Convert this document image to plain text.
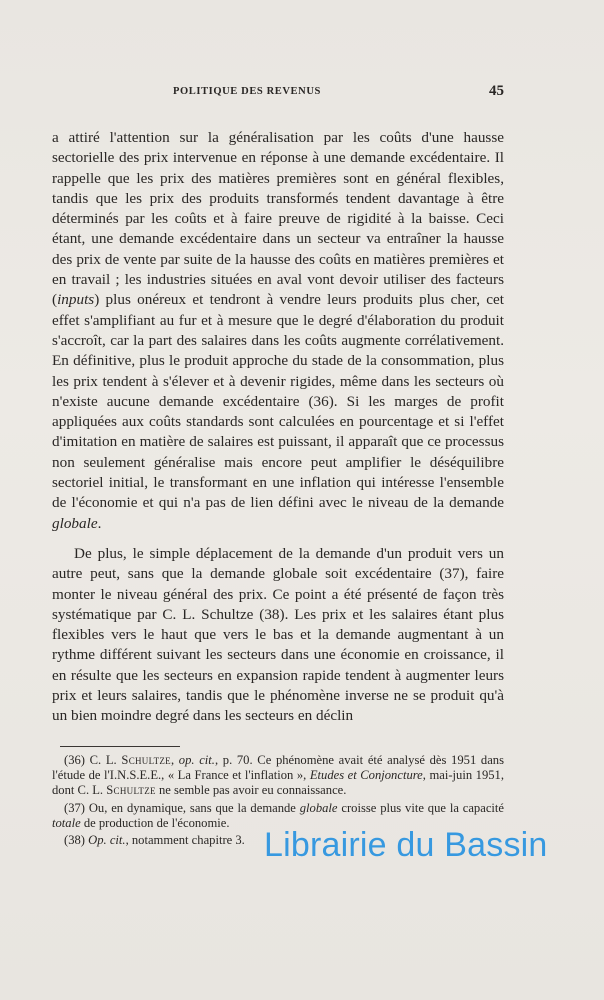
POLITIQUE DES REVENUS	45

a attiré l'attention sur la généralisation par les coûts d'une hausse sectorielle des prix intervenue en réponse à une demande excédentaire. Il rappelle que les prix des matières premières sont en général flexibles, tandis que les prix des produits transformés tendent davantage à être déterminés par les coûts et à faire preuve de rigidité à la baisse. Ceci étant, une demande excédentaire dans un secteur va entraîner la hausse des prix de vente par suite de la hausse des coûts en matières premières et en travail ; les industries situées en aval vont devoir utiliser des facteurs (inputs) plus onéreux et tendront à vendre leurs produits plus cher, cet effet s'amplifiant au fur et à mesure que le degré d'élaboration du produit s'accroît, car la part des salaires dans les coûts augmente corrélativement. En définitive, plus le produit approche du stade de la consommation, plus les prix tendent à s'élever et à devenir rigides, même dans les secteurs où n'existe aucune demande excédentaire (36). Si les marges de profit appliquées aux coûts standards sont calculées en pourcentage et si l'effet d'imitation en matière de salaires est puissant, il apparaît que ce processus non seulement généralise mais encore peut amplifier le déséquilibre sectoriel initial, le transformant en une inflation qui intéresse l'ensemble de l'économie et qui n'a pas de lien défini avec le niveau de la demande globale.

De plus, le simple déplacement de la demande d'un produit vers un autre peut, sans que la demande globale soit excédentaire (37), faire monter le niveau général des prix. Ce point a été présenté de façon très systématique par C. L. Schultze (38). Les prix et les salaires étant plus flexibles vers le haut que vers le bas et la demande augmentant à un rythme différent suivant les secteurs dans une économie en croissance, il en résulte que les secteurs en expansion rapide tendent à augmenter leurs prix et leurs salaires, tandis que le phénomène inverse ne se produit qu'à un bien moindre degré dans les secteurs en déclin

(36) C. L. Schultze, op. cit., p. 70. Ce phénomène avait été analysé dès 1951 dans l'étude de l'I.N.S.E.E., « La France et l'inflation », Etudes et Conjoncture, mai-juin 1951, dont C. L. Schultze ne semble pas avoir eu connaissance.

(37) Ou, en dynamique, sans que la demande globale croisse plus vite que la capacité totale de production de l'économie.

(38) Op. cit., notamment chapitre 3. Librairie du Bassin
